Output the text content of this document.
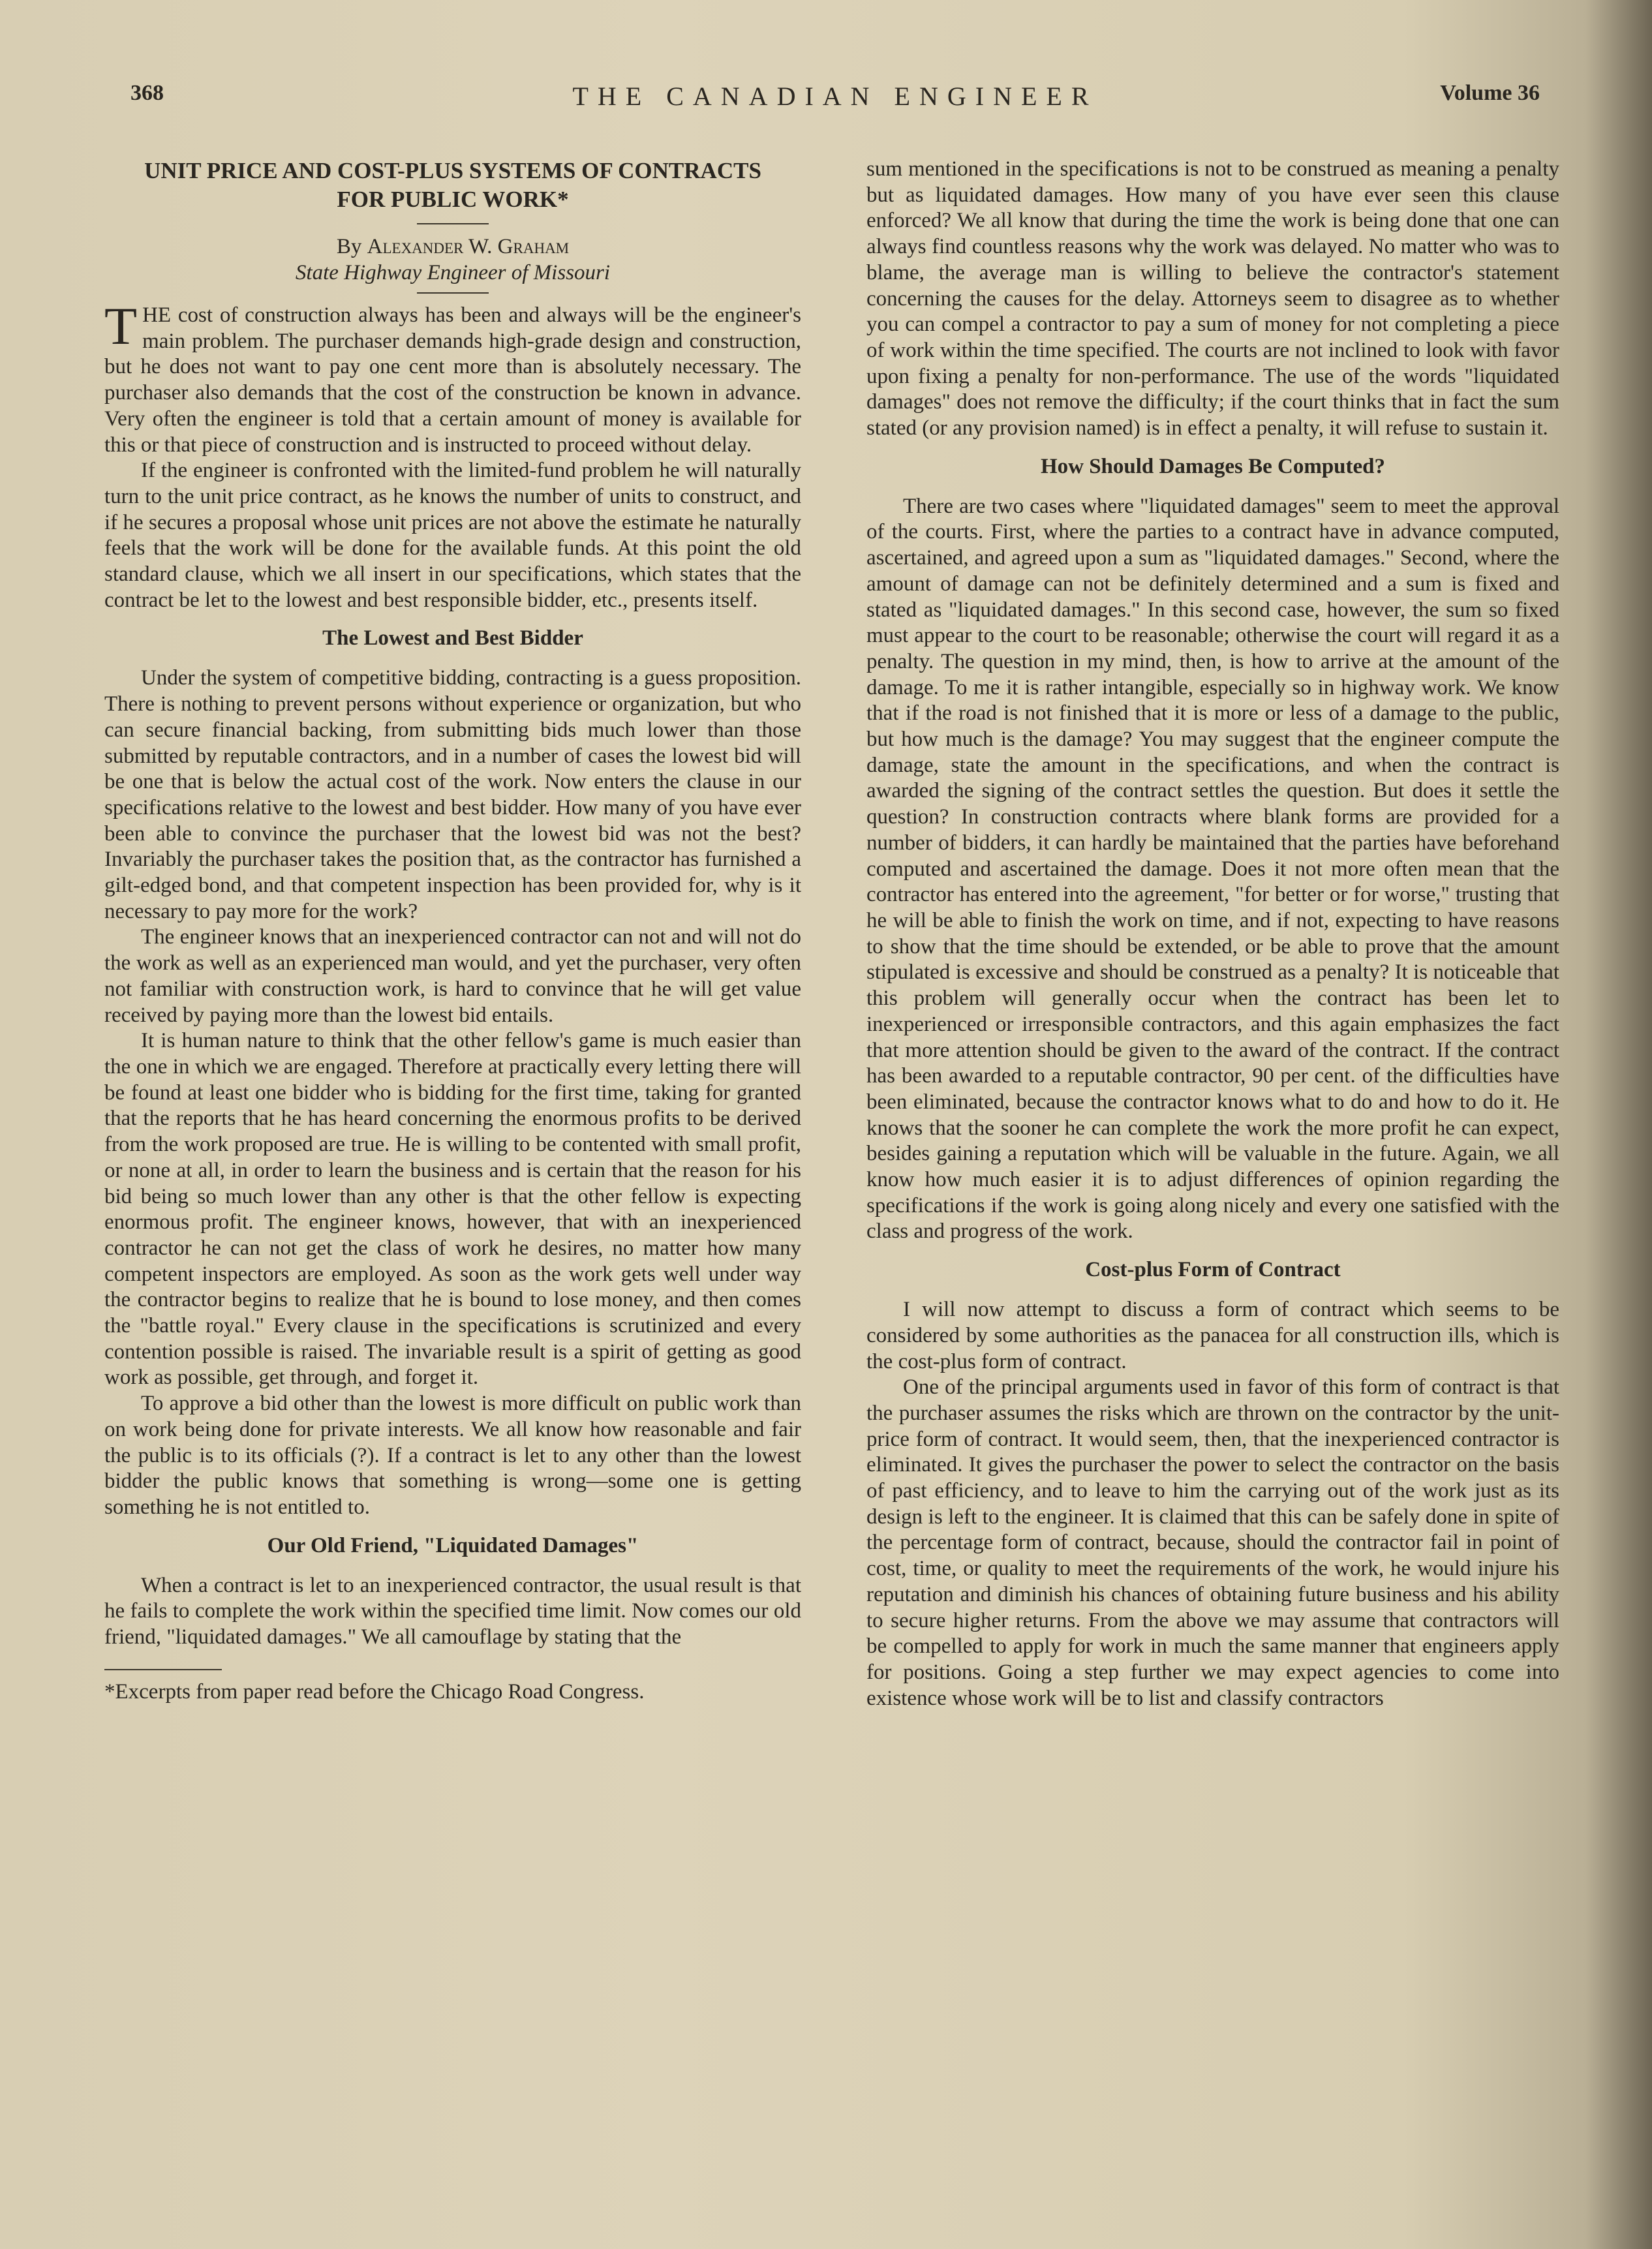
368	THE CANADIAN ENGINEER	Volume 36
UNIT PRICE AND COST-PLUS SYSTEMS OF CONTRACTS FOR PUBLIC WORK*
By Alexander W. Graham
State Highway Engineer of Missouri

THE cost of construction always has been and always will be the engineer's main problem. The purchaser demands high-grade design and construction, but he does not want to pay one cent more than is absolutely necessary. The purchaser also demands that the cost of the construction be known in advance. Very often the engineer is told that a certain amount of money is available for this or that piece of construction and is instructed to proceed without delay.

If the engineer is confronted with the limited-fund problem he will naturally turn to the unit price contract, as he knows the number of units to construct, and if he secures a proposal whose unit prices are not above the estimate he naturally feels that the work will be done for the available funds. At this point the old standard clause, which we all insert in our specifications, which states that the contract be let to the lowest and best responsible bidder, etc., presents itself.

The Lowest and Best Bidder

Under the system of competitive bidding, contracting is a guess proposition. There is nothing to prevent persons without experience or organization, but who can secure financial backing, from submitting bids much lower than those submitted by reputable contractors, and in a number of cases the lowest bid will be one that is below the actual cost of the work. Now enters the clause in our specifications relative to the lowest and best bidder. How many of you have ever been able to convince the purchaser that the lowest bid was not the best? Invariably the purchaser takes the position that, as the contractor has furnished a gilt-edged bond, and that competent inspection has been provided for, why is it necessary to pay more for the work?

The engineer knows that an inexperienced contractor can not and will not do the work as well as an experienced man would, and yet the purchaser, very often not familiar with construction work, is hard to convince that he will get value received by paying more than the lowest bid entails.

It is human nature to think that the other fellow's game is much easier than the one in which we are engaged. Therefore at practically every letting there will be found at least one bidder who is bidding for the first time, taking for granted that the reports that he has heard concerning the enormous profits to be derived from the work proposed are true. He is willing to be contented with small profit, or none at all, in order to learn the business and is certain that the reason for his bid being so much lower than any other is that the other fellow is expecting enormous profit. The engineer knows, however, that with an inexperienced contractor he can not get the class of work he desires, no matter how many competent inspectors are employed. As soon as the work gets well under way the contractor begins to realize that he is bound to lose money, and then comes the "battle royal." Every clause in the specifications is scrutinized and every contention possible is raised. The invariable result is a spirit of getting as good work as possible, get through, and forget it.

To approve a bid other than the lowest is more difficult on public work than on work being done for private interests. We all know how reasonable and fair the public is to its officials (?). If a contract is let to any other than the lowest bidder the public knows that something is wrong—some one is getting something he is not entitled to.

Our Old Friend, "Liquidated Damages"

When a contract is let to an inexperienced contractor, the usual result is that he fails to complete the work within the specified time limit. Now comes our old friend, "liquidated damages." We all camouflage by stating that the

*Excerpts from paper read before the Chicago Road Congress.

sum mentioned in the specifications is not to be construed as meaning a penalty but as liquidated damages. How many of you have ever seen this clause enforced? We all know that during the time the work is being done that one can always find countless reasons why the work was delayed. No matter who was to blame, the average man is willing to believe the contractor's statement concerning the causes for the delay. Attorneys seem to disagree as to whether you can compel a contractor to pay a sum of money for not completing a piece of work within the time specified. The courts are not inclined to look with favor upon fixing a penalty for non-performance. The use of the words "liquidated damages" does not remove the difficulty; if the court thinks that in fact the sum stated (or any provision named) is in effect a penalty, it will refuse to sustain it.

How Should Damages Be Computed?

There are two cases where "liquidated damages" seem to meet the approval of the courts. First, where the parties to a contract have in advance computed, ascertained, and agreed upon a sum as "liquidated damages." Second, where the amount of damage can not be definitely determined and a sum is fixed and stated as "liquidated damages." In this second case, however, the sum so fixed must appear to the court to be reasonable; otherwise the court will regard it as a penalty. The question in my mind, then, is how to arrive at the amount of the damage. To me it is rather intangible, especially so in highway work. We know that if the road is not finished that it is more or less of a damage to the public, but how much is the damage? You may suggest that the engineer compute the damage, state the amount in the specifications, and when the contract is awarded the signing of the contract settles the question. But does it settle the question? In construction contracts where blank forms are provided for a number of bidders, it can hardly be maintained that the parties have beforehand computed and ascertained the damage. Does it not more often mean that the contractor has entered into the agreement, "for better or for worse," trusting that he will be able to finish the work on time, and if not, expecting to have reasons to show that the time should be extended, or be able to prove that the amount stipulated is excessive and should be construed as a penalty? It is noticeable that this problem will generally occur when the contract has been let to inexperienced or irresponsible contractors, and this again emphasizes the fact that more attention should be given to the award of the contract. If the contract has been awarded to a reputable contractor, 90 per cent. of the difficulties have been eliminated, because the contractor knows what to do and how to do it. He knows that the sooner he can complete the work the more profit he can expect, besides gaining a reputation which will be valuable in the future. Again, we all know how much easier it is to adjust differences of opinion regarding the specifications if the work is going along nicely and every one satisfied with the class and progress of the work.

Cost-plus Form of Contract

I will now attempt to discuss a form of contract which seems to be considered by some authorities as the panacea for all construction ills, which is the cost-plus form of contract.

One of the principal arguments used in favor of this form of contract is that the purchaser assumes the risks which are thrown on the contractor by the unit-price form of contract. It would seem, then, that the inexperienced contractor is eliminated. It gives the purchaser the power to select the contractor on the basis of past efficiency, and to leave to him the carrying out of the work just as its design is left to the engineer. It is claimed that this can be safely done in spite of the percentage form of contract, because, should the contractor fail in point of cost, time, or quality to meet the requirements of the work, he would injure his reputation and diminish his chances of obtaining future business and his ability to secure higher returns. From the above we may assume that contractors will be compelled to apply for work in much the same manner that engineers apply for positions. Going a step further we may expect agencies to come into existence whose work will be to list and classify contractors
